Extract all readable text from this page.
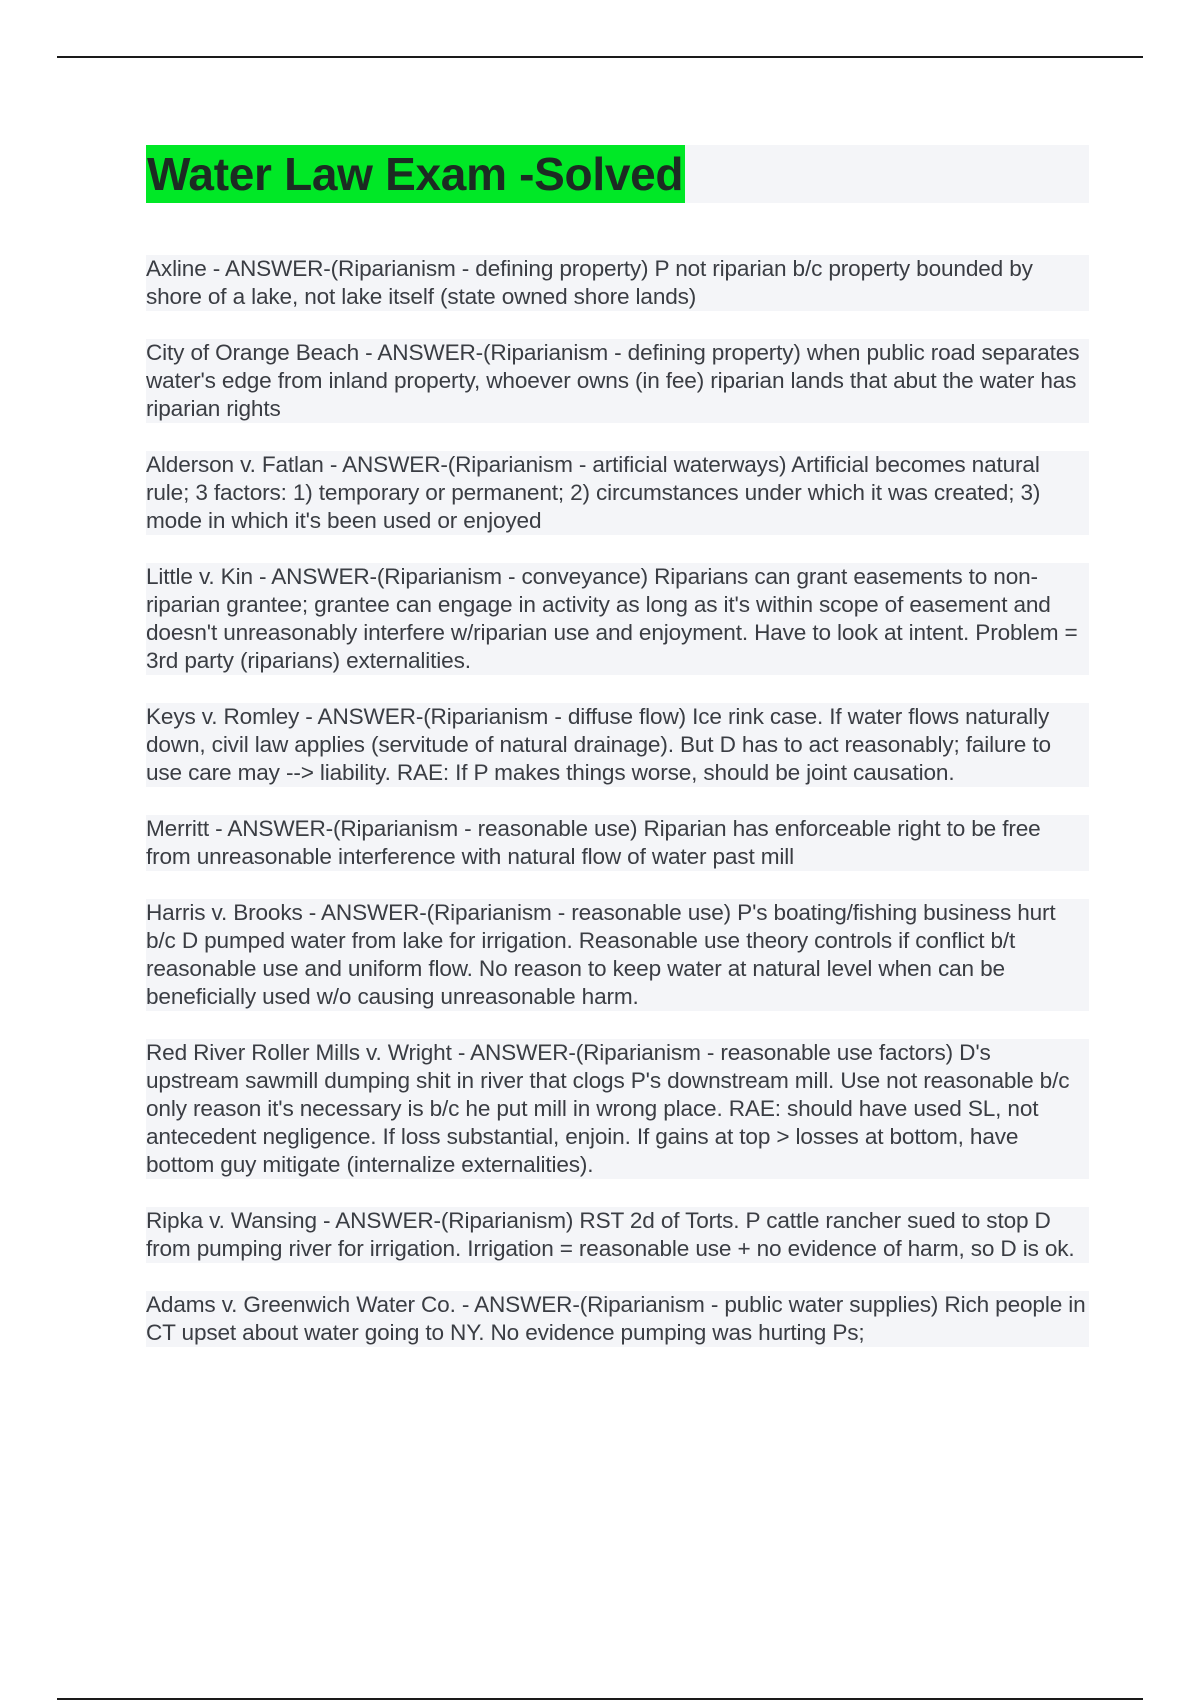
Water Law Exam -Solved

Axline - ANSWER-(Riparianism - defining property) P not riparian b/c property bounded by shore of a lake, not lake itself (state owned shore lands)

City of Orange Beach - ANSWER-(Riparianism - defining property) when public road separates water's edge from inland property, whoever owns (in fee) riparian lands that abut the water has riparian rights

Alderson v. Fatlan - ANSWER-(Riparianism - artificial waterways) Artificial becomes natural rule; 3 factors: 1) temporary or permanent; 2) circumstances under which it was created; 3) mode in which it's been used or enjoyed

Little v. Kin - ANSWER-(Riparianism - conveyance) Riparians can grant easements to non-riparian grantee; grantee can engage in activity as long as it's within scope of easement and doesn't unreasonably interfere w/riparian use and enjoyment. Have to look at intent. Problem = 3rd party (riparians) externalities.

Keys v. Romley - ANSWER-(Riparianism - diffuse flow) Ice rink case. If water flows naturally down, civil law applies (servitude of natural drainage). But D has to act reasonably; failure to use care may --> liability. RAE: If P makes things worse, should be joint causation.

Merritt - ANSWER-(Riparianism - reasonable use) Riparian has enforceable right to be free from unreasonable interference with natural flow of water past mill

Harris v. Brooks - ANSWER-(Riparianism - reasonable use) P's boating/fishing business hurt b/c D pumped water from lake for irrigation. Reasonable use theory controls if conflict b/t reasonable use and uniform flow. No reason to keep water at natural level when can be beneficially used w/o causing unreasonable harm.

Red River Roller Mills v. Wright - ANSWER-(Riparianism - reasonable use factors) D's upstream sawmill dumping shit in river that clogs P's downstream mill. Use not reasonable b/c only reason it's necessary is b/c he put mill in wrong place. RAE: should have used SL, not antecedent negligence. If loss substantial, enjoin. If gains at top > losses at bottom, have bottom guy mitigate (internalize externalities).

Ripka v. Wansing - ANSWER-(Riparianism) RST 2d of Torts. P cattle rancher sued to stop D from pumping river for irrigation. Irrigation = reasonable use + no evidence of harm, so D is ok.

Adams v. Greenwich Water Co. - ANSWER-(Riparianism - public water supplies) Rich people in CT upset about water going to NY. No evidence pumping was hurting Ps;
